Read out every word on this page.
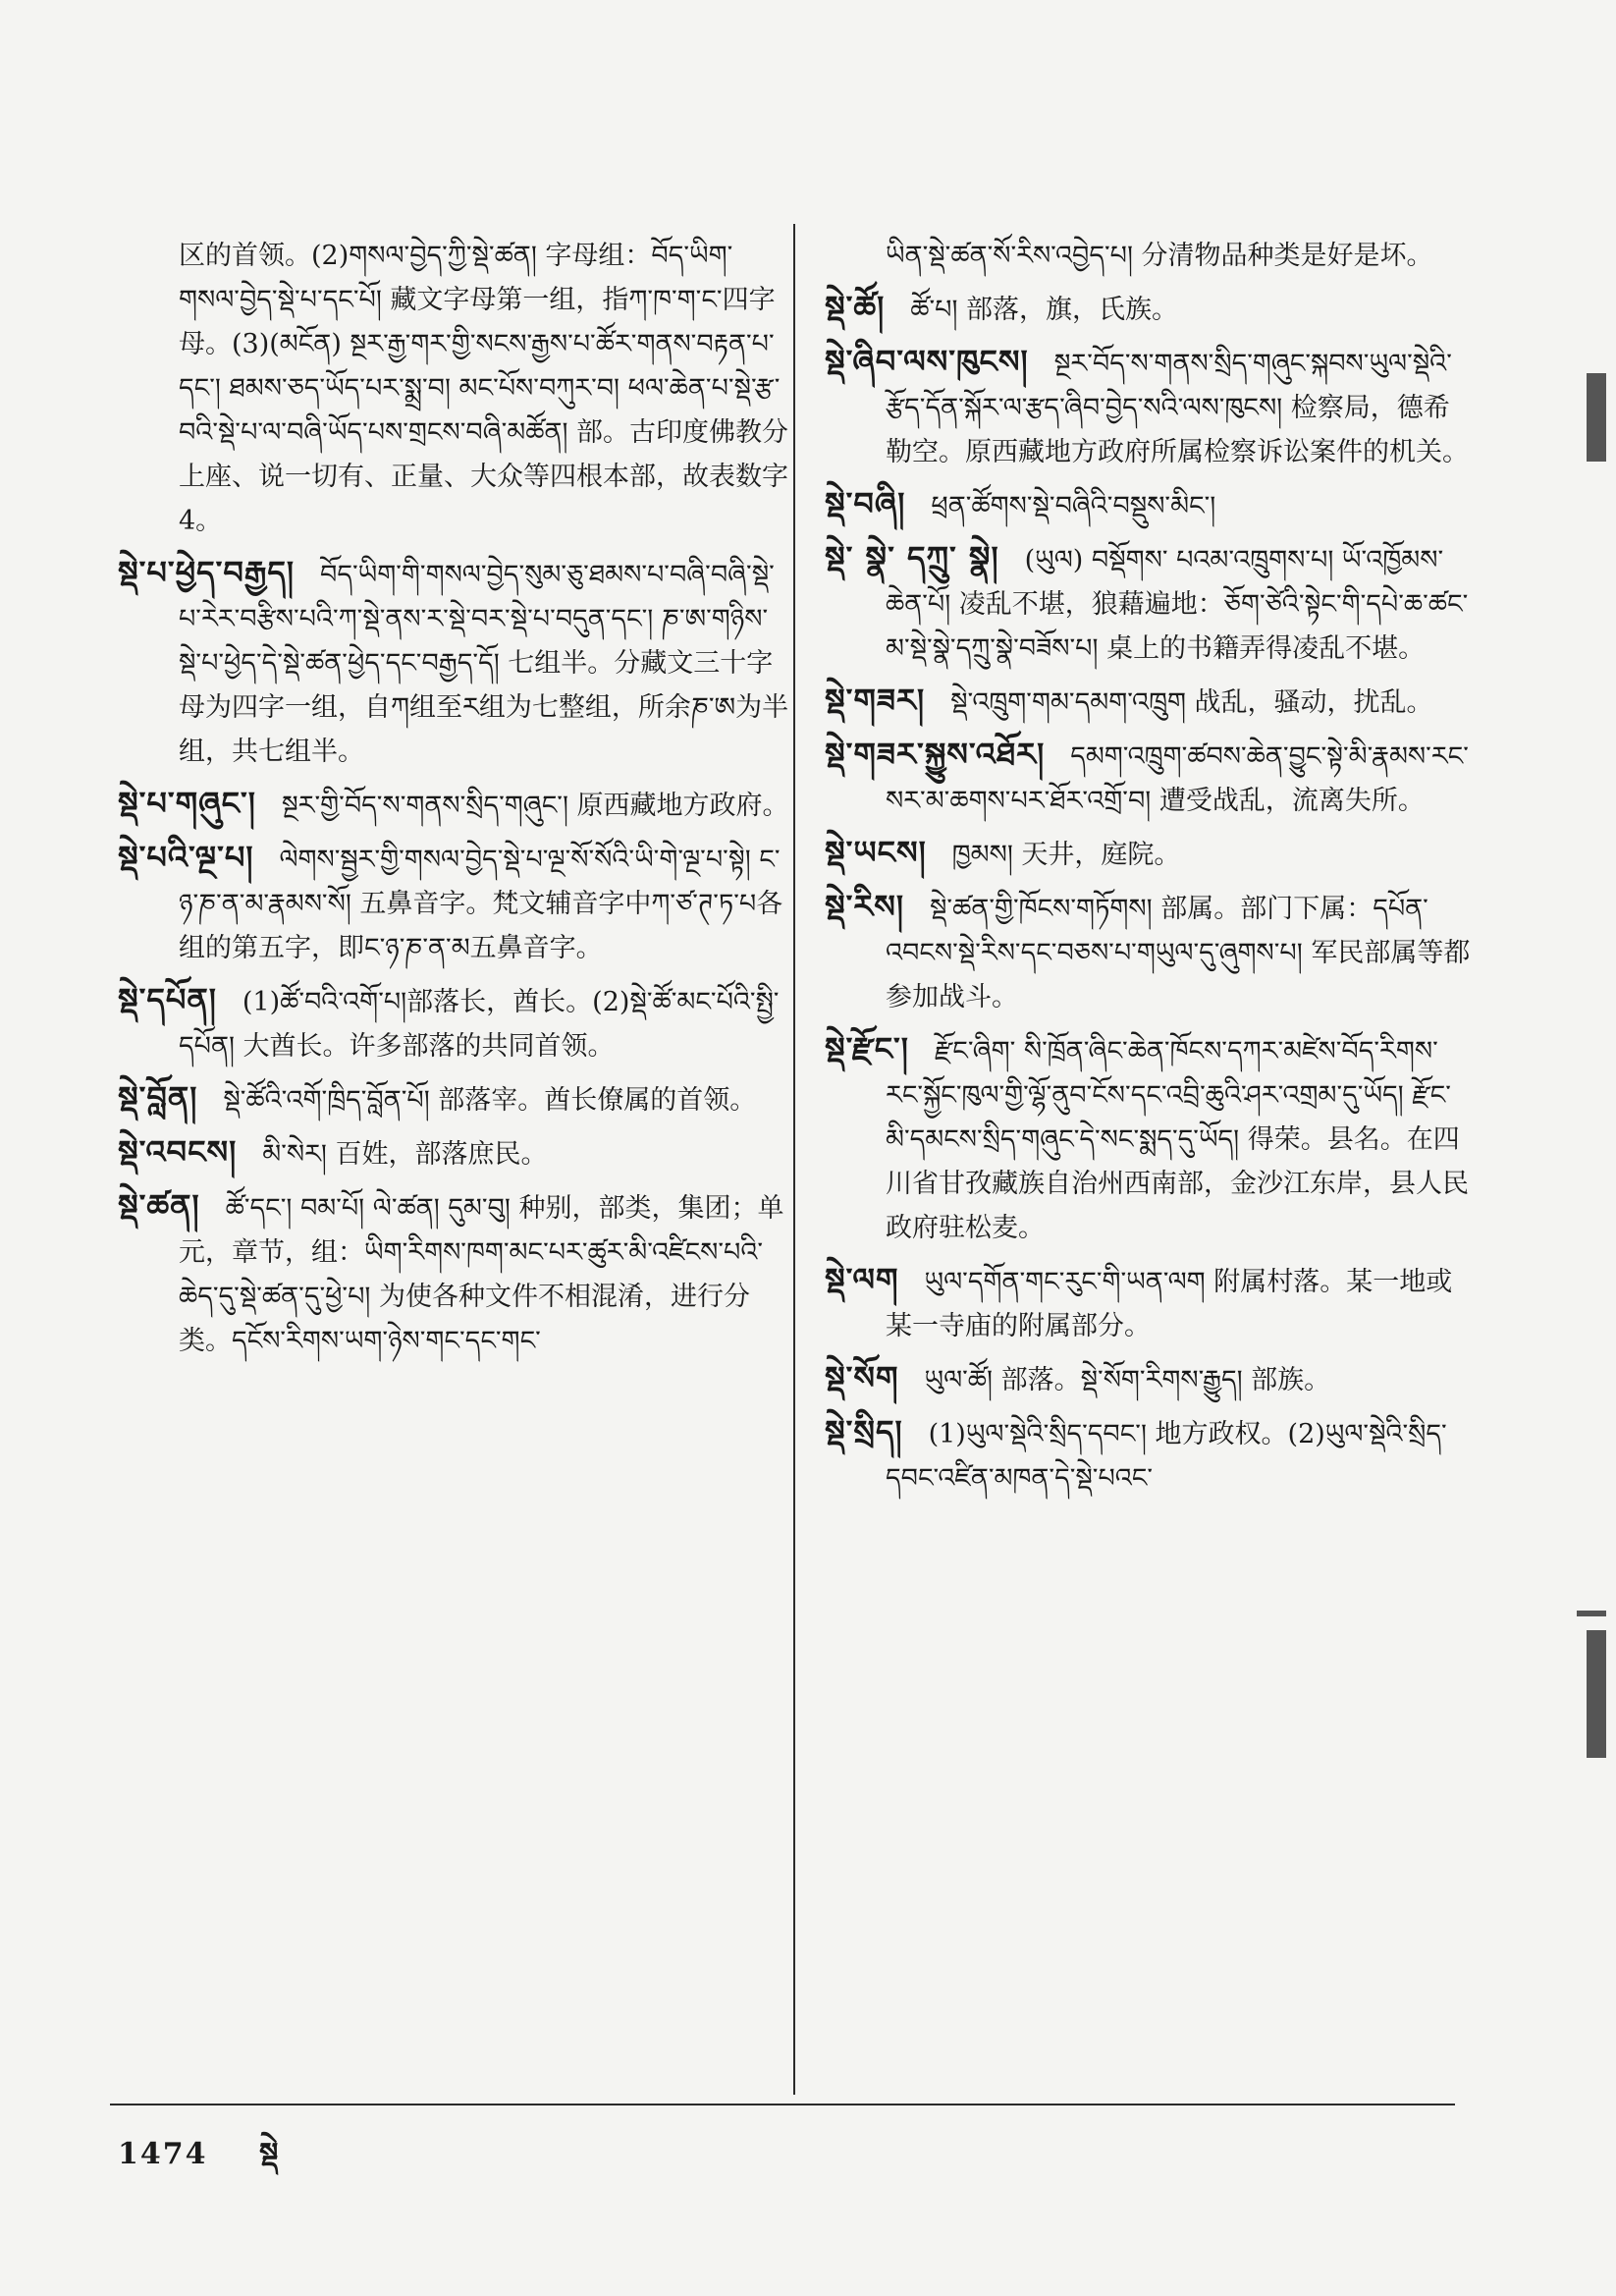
区的首领。(2)གསལ་བྱེད་ཀྱི་སྡེ་ཚན། 字母组：བོད་ཡིག་གསལ་བྱེད་སྡེ་པ་དང་པོ། 藏文字母第一组，指ཀ་ཁ་ག་ང་四字母。(3)(མངོན) སྔར་རྒྱ་གར་གྱི་སངས་རྒྱས་པ་ཚོར་གནས་བརྟན་པ་དང་། ཐམས་ཅད་ཡོད་པར་སྨྲ་བ། མང་པོས་བཀུར་བ། ཕལ་ཆེན་པ་སྡེ་རྩ་བའི་སྡེ་པ་ལ་བཞི་ཡོད་པས་གྲངས་བཞི་མཚོན། 部。古印度佛教分上座、说一切有、正量、大众等四根本部，故表数字4。
སྡེ་པ་ཕྱེད་བརྒྱད། བོད་ཡིག་གི་གསལ་བྱེད་སུམ་ཅུ་ཐམས་པ་བཞི་བཞི་སྡེ་པ་རེར་བརྩིས་པའི་ཀ་སྡེ་ནས་ར་སྡེ་བར་སྡེ་པ་བདུན་དང་། ཎ་ཨ་གཉིས་སྡེ་པ་ཕྱེད་དེ་སྡེ་ཚན་ཕྱེད་དང་བརྒྱད་དོ། 七组半。分藏文三十字母为四字一组，自ཀ组至ར组为七整组，所余ཎ་ཨ为半组，共七组半。
སྡེ་པ་གཞུང་། སྔར་གྱི་བོད་ས་གནས་སྲིད་གཞུང་། 原西藏地方政府。
སྡེ་པའི་ལྔ་པ། ལེགས་སྦྱར་གྱི་གསལ་བྱེད་སྡེ་པ་ལྔ་སོ་སོའི་ཡི་གེ་ལྔ་པ་སྟེ། ང་ཉ་ཎ་ན་མ་རྣམས་སོ། 五鼻音字。梵文辅音字中ཀ་ཙ་ཊ་ཏ་པ各组的第五字，即ང་ཉ་ཎ་ན་མ五鼻音字。
སྡེ་དཔོན། (1)ཚོ་བའི་འགོ་པ།部落长，酋长。(2)སྡེ་ཚོ་མང་པོའི་སྤྱི་དཔོན། 大酋长。许多部落的共同首领。
སྡེ་བློན། སྡེ་ཚོའི་འགོ་ཁྲིད་བློན་པོ། 部落宰。酋长僚属的首领。
སྡེ་འབངས། མི་སེར། 百姓，部落庶民。
སྡེ་ཚན། ཚོ་དང་། བམ་པོ། ལེ་ཚན། དུམ་བུ། 种别，部类，集团；单元，章节，组：ཡིག་རིགས་ཁག་མང་པར་ཚུར་མི་འཛིངས་པའི་ཆེད་དུ་སྡེ་ཚན་དུ་ཕྱེ་པ། 为使各种文件不相混淆，进行分类。དངོས་རིགས་ཡག་ཉེས་གང་དང་གང་
ཡིན་སྡེ་ཚན་སོ་རིས་འབྱེད་པ། 分清物品种类是好是坏。
སྡེ་ཚོ། ཚོ་པ། 部落，旗，氏族。
སྡེ་ཞིབ་ལས་ཁུངས། སྔར་བོད་ས་གནས་སྲིད་གཞུང་སྐབས་ཡུལ་སྡེའི་རྩོད་དོན་སྐོར་ལ་རྩད་ཞིབ་བྱེད་སའི་ལས་ཁུངས། 检察局，德希勒空。原西藏地方政府所属检察诉讼案件的机关。
སྡེ་བཞི། ཕྲན་ཚོགས་སྡེ་བཞིའི་བསྡུས་མིང་།
སྡེ་ སྣེ་ དཀྲུ་ སྣེ། (ཡུལ) བསྡོགས་ པའམ་འཁྲུགས་པ། ཡོ་འཁྱོམས་ཆེན་པོ། 凌乱不堪，狼藉遍地：ཅོག་ཙེའི་སྟེང་གི་དཔེ་ཆ་ཚང་མ་སྡེ་སྣེ་དཀྲུ་སྣེ་བཟོས་པ། 桌上的书籍弄得凌乱不堪。
སྡེ་གཟར། སྡེ་འཁྲུག་གམ་དམག་འཁྲུག 战乱，骚动，扰乱。
སྡེ་གཟར་སྐྱུས་འཐོར། དམག་འཁྲུག་ཚབས་ཆེན་བྱུང་སྟེ་མི་རྣམས་རང་སར་མ་ཆགས་པར་ཐོར་འགྲོ་བ། 遭受战乱，流离失所。
སྡེ་ཡངས། ཁྱམས། 天井，庭院。
སྡེ་རིས། སྡེ་ཚན་གྱི་ཁོངས་གཏོགས། 部属。部门下属：དཔོན་འབངས་སྡེ་རིས་དང་བཅས་པ་གཡུལ་དུ་ཞུགས་པ། 军民部属等都参加战斗。
སྡེ་རྫོང་། རྫོང་ཞིག་ སི་ཁྲོན་ཞིང་ཆེན་ཁོངས་དཀར་མཛེས་བོད་རིགས་རང་སྐྱོང་ཁུལ་གྱི་ལྷོ་ནུབ་ངོས་དང་འབྲི་ཆུའི་ཤར་འགྲམ་དུ་ཡོད། རྫོང་མི་དམངས་སྲིད་གཞུང་དེ་སང་སྨད་དུ་ཡོད། 得荣。县名。在四川省甘孜藏族自治州西南部，金沙江东岸，县人民政府驻松麦。
སྡེ་ལག ཡུལ་དགོན་གང་རུང་གི་ཡན་ལག 附属村落。某一地或某一寺庙的附属部分。
སྡེ་སོག ཡུལ་ཚོ། 部落。སྡེ་སོག་རིགས་རྒྱུད། 部族。
སྡེ་སྲིད། (1)ཡུལ་སྡེའི་སྲིད་དབང་། 地方政权。(2)ཡུལ་སྡེའི་སྲིད་དབང་འཛིན་མཁན་དེ་སྡེ་པའང་
1474 སྡེ
